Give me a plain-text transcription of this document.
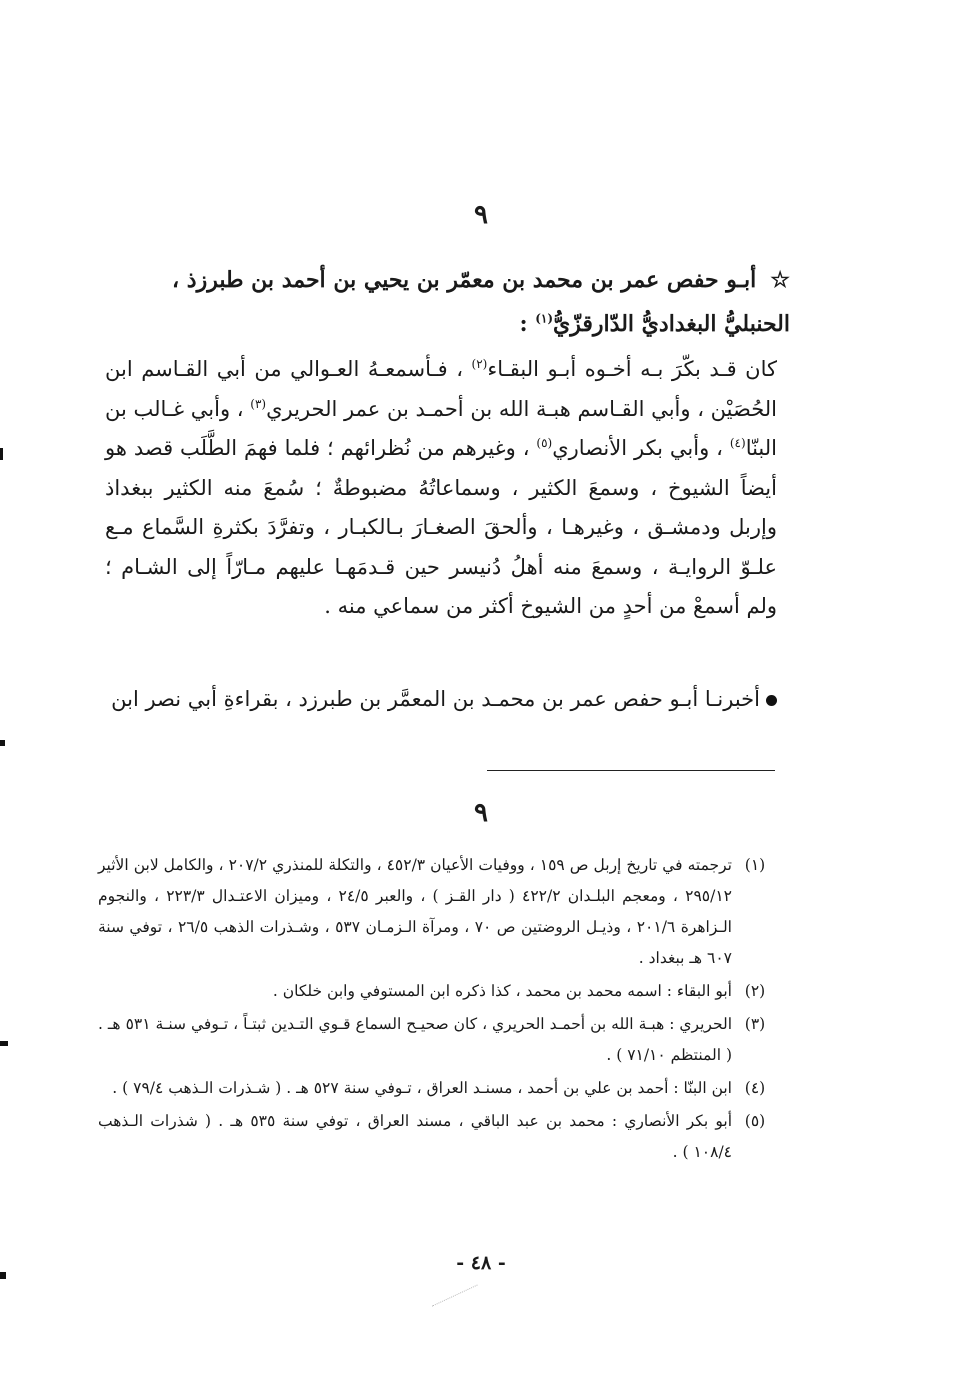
٩
☆أبـو حفص عمر بن محمد بن معمّر بن يحيي بن أحمد بن طبرزذ ، الحنبليُّ البغداديُّ الدّارقزّيُّ$^{(١)}$ :
كان قـد بكّرَ بـه أخـوه أبـو البقـاء$^{(٢)}$ ، فـأسمعـهُ العـوالي من أبي القـاسم ابن الحُصَيْن ، وأبي القـاسم هبـة الله بن أحمـد بن عمر الحريري$^{(٣)}$ ، وأبي غـالب بن البنّا$^{(٤)}$ ، وأبي بكر الأنصاري$^{(٥)}$ ، وغيرهم من نُظرائهم ؛ فلما فهمَ الطَّلَب قصد هو أيضاً الشيوخ ، وسمعَ الكثير ، وسماعاتُهُ مضبوطةٌ ؛ سُمعَ منه الكثير ببغداذ وإربل ودمشـق ، وغيرهـا ، وألحقَ الصغـارَ بـالكبـار ، وتفرَّدَ بكثرةِ السَّماع مـع علـوّ الروايـة ، وسمعَ منه أهلُ دُنيسر حين قـدمَهـا عليهم مـارّاً إلى الشـام ؛ ولم أسمعْ من أحدٍ من الشيوخ أكثر من سماعي منه .
أخبرنـا أبـو حفص عمر بن محمـد بن المعمَّر بن طبرزد ، بقراءةِ أبي نصر ابن
٩
(١)
ترجمته في تاريخ إربل ص ١٥٩ ، ووفيات الأعيان ٤٥٢/٣ ، والتكلة للمنذري ٢٠٧/٢ ، والكامل لابن الأثير ٢٩٥/١٢ ، ومعجم البلـدان ٤٢٢/٢ ( دار القـز ) ، والعبر ٢٤/٥ ، وميزان الاعتـدال ٢٢٣/٣ ، والنجوم الـزاهرة ٢٠١/٦ ، وذيـل الروضتين ص ٧٠ ، ومرآة الـزمـان ٥٣٧ ، وشـذرات الذهب ٢٦/٥ ، توفي سنة ٦٠٧ هـ ببغداد .
(٢)
أبو البقاء : اسمه محمد بن محمد ، كذا ذكره ابن المستوفي وابن خلكان .
(٣)
الحريري : هبـة الله بن أحمـد الحريري ، كان صحيـح السماع قـوي التـدين ثبتـاً ، تـوفي سنـة ٥٣١ هـ . ( المنتظم ٧١/١٠ ) .
(٤)
ابن البنّا : أحمد بن علي بن أحمد ، مسنـد العراق ، تـوفي سنة ٥٢٧ هـ . ( شـذرات الـذهب ٧٩/٤ ) .
(٥)
أبو بكر الأنصاري : محمد بن عبد الباقي ، مسند العراق ، توفي سنة ٥٣٥ هـ . ( شذرات الـذهب ١٠٨/٤ ) .
- ٤٨ -
